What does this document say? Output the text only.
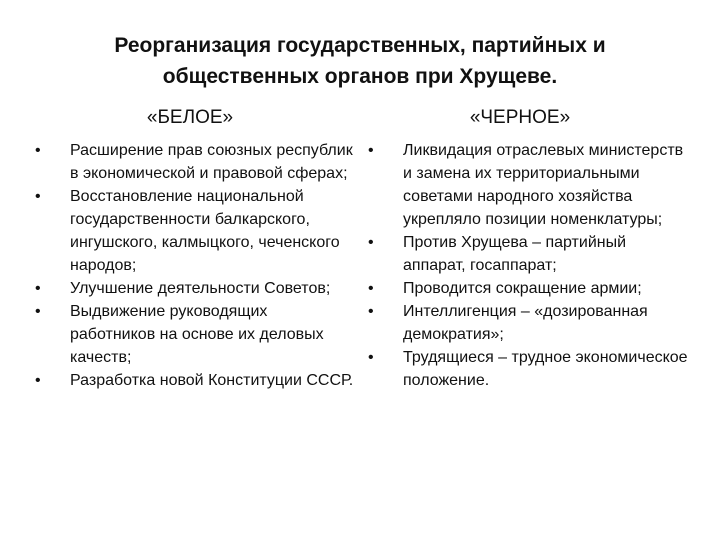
Реорганизация государственных, партийных и
общественных органов при Хрущеве.
«БЕЛОЕ»	«ЧЕРНОЕ»
• Расширение прав союзных республик в экономической и правовой сферах;
• Восстановление национальной государственности балкарского, ингушского, калмыцкого, чеченского народов;
• Улучшение деятельности Советов;
• Выдвижение руководящих работников на основе их деловых качеств;
• Разработка новой Конституции СССР.
• Ликвидация отраслевых министерств и замена их территориальными советами народного хозяйства укрепляло позиции номенклатуры;
• Против Хрущева – партийный аппарат, госаппарат;
• Проводится сокращение армии;
• Интеллигенция – «дозированная демократия»;
• Трудящиеся – трудное экономическое положение.
